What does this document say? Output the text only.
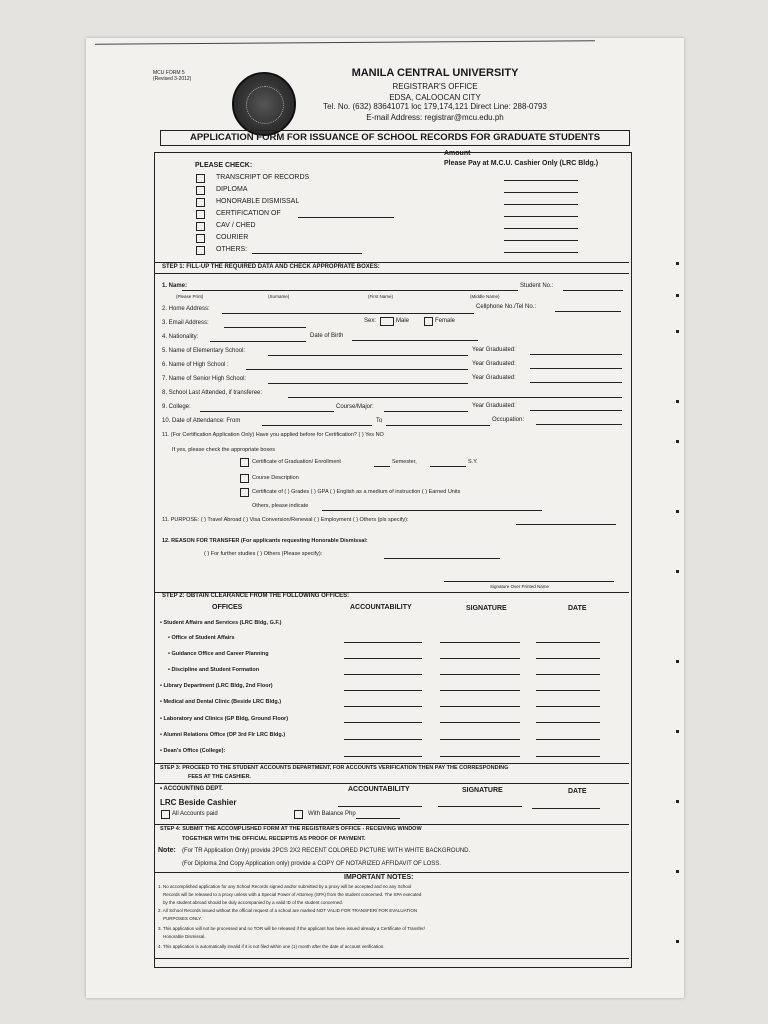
MCU FORM 5
(Revised 3-2012)	MANILA CENTRAL UNIVERSITY
REGISTRAR'S OFFICE
EDSA, CALOOCAN CITY
Tel. No. (632) 83641071 loc 179,174,121 Direct Line: 288-0793
E-mail Address: registrar@mcu.edu.ph
APPLICATION FORM FOR ISSUANCE OF SCHOOL RECORDS FOR GRADUATE STUDENTS
Amount
PLEASE CHECK:	Please Pay at M.C.U. Cashier Only (LRC Bldg.)
TRANSCRIPT OF RECORDS
DIPLOMA
HONORABLE DISMISSAL
CERTIFICATION OF
CAV / CHED
COURIER
OTHERS:
STEP 1: FILL-UP THE REQUIRED DATA AND CHECK APPROPRIATE BOXES:
1. Name:	Student No.:
(Please Print)	(Surname)	(First Name)	(Middle Name)
2. Home Address:	Cellphone No./Tel No.:
3. Email Address:	Sex:	Male	Female
4. Nationality:	Date of Birth
5. Name of Elementary School:	Year Graduated:
6. Name of High School :	Year Graduated:
7. Name of Senior High School:	Year Graduated:
8. School Last Attended, if transferee:
9. College:	Course/Major:	Year Graduated:
10. Date of Attendance: From	To	Occupation:
11. (For Certification Application Only) Have you applied before for Certification? ( ) Yes NO
If yes, please check the appropriate boxes
Certificate of Graduation/ Enrollment	Semester,	S.Y.
Course Description
Certificate of ( ) Grades ( ) GPA ( ) English as a medium of instruction ( ) Earned Units
Others, please indicate
11. PURPOSE: ( ) Travel Abroad ( ) Visa Conversion/Renewal ( ) Employment ( ) Others (pls specify):
12. REASON FOR TRANSFER (For applicants requesting Honorable Dismissal:
( ) For further studies ( ) Others (Please specify):
Signature Over Printed Name
STEP 2: OBTAIN CLEARANCE FROM THE FOLLOWING OFFICES:
OFFICES	ACCOUNTABILITY	SIGNATURE	DATE
• Student Affairs and Services (LRC Bldg, G.F.)
• Office of Student Affairs
• Guidance Office and Career Planning
• Discipline and Student Formation
• Library Department (LRC Bldg, 2nd Floor)
• Medical and Dental Clinic (Beside LRC Bldg.)
• Laboratory and Clinics (GP Bldg, Ground Floor)
• Alumni Relations Office (OP 3rd Flr LRC Bldg.)
• Dean's Office (College):
STEP 3: PROCEED TO THE STUDENT ACCOUNTS DEPARTMENT, FOR ACCOUNTS VERIFICATION THEN PAY THE CORRESPONDING
FEES AT THE CASHIER.
• ACCOUNTING DEPT.	ACCOUNTABILITY	SIGNATURE	DATE
LRC Beside Cashier
All Accounts paid	With Balance Php
STEP 4: SUBMIT THE ACCOMPLISHED FORM AT THE REGISTRAR'S OFFICE - RECEIVING WINDOW
TOGETHER WITH THE OFFICIAL RECEIPT/S AS PROOF OF PAYMENT.
Note: (For TR Application Only) provide 2PCS 2X2 RECENT COLORED PICTURE WITH WHITE BACKGROUND.
(For Diploma 2nd Copy Application only) provide a COPY OF NOTARIZED AFFIDAVIT OF LOSS.
IMPORTANT NOTES:
1. No accomplished application for any School Records signed and/or submitted by a proxy will be accepted and no any School
Records will be released to a proxy unless with a Special Power of Attorney (SPA) from the student concerned. The SPA executed
by the student abroad should be duly accompanied by a valid ID of the student concerned.
2. All School Records issued without the official request of a school are marked NOT VALID FOR TRANSFER/ FOR EVALUATION
PURPOSES ONLY.
3. This application will not be processed and no TOR will be released if the applicant has been issued already a Certificate of Transfer/
Honorable Dismissal.
4. This application is automatically invalid if it is not filed within one (1) month after the date of account verification.
